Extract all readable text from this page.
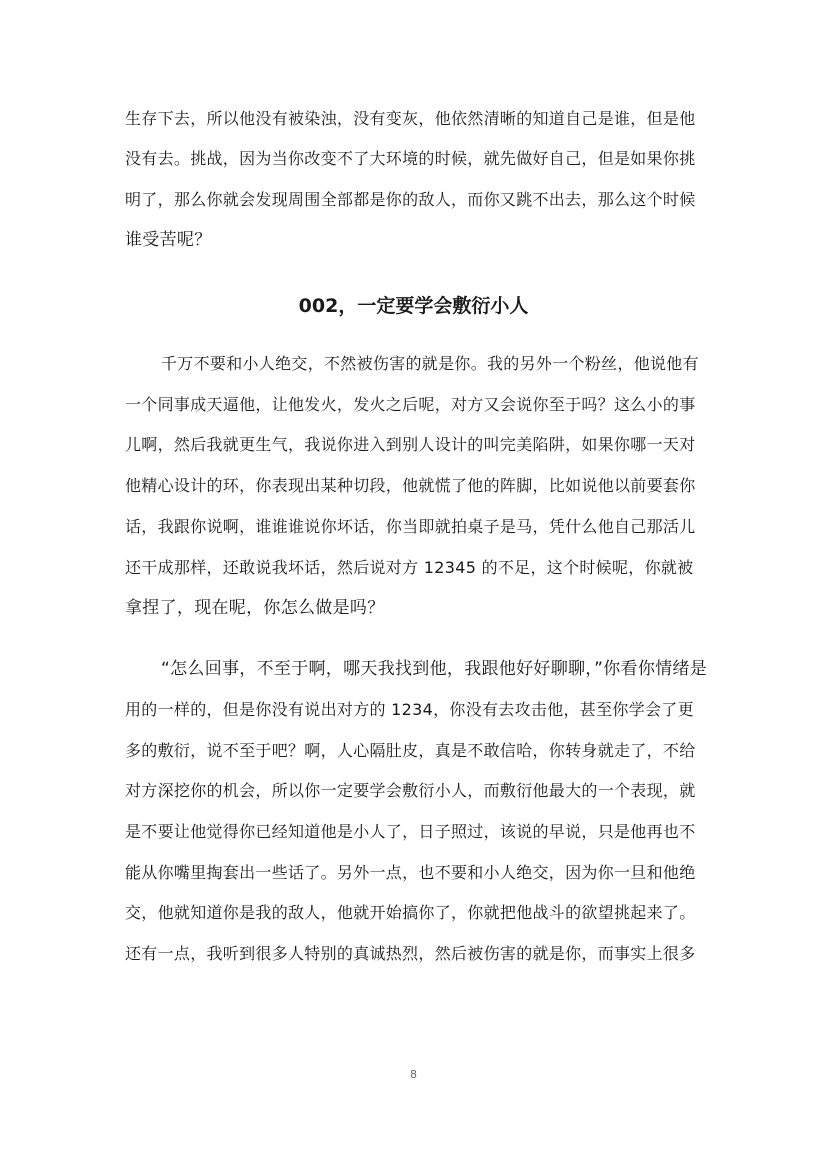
生存下去，所以他没有被染浊，没有变灰，他依然清晰的知道自己是谁，但是他
没有去。挑战，因为当你改变不了大环境的时候，就先做好自己，但是如果你挑
明了，那么你就会发现周围全部都是你的敌人，而你又跳不出去，那么这个时候
谁受苦呢？
002，一定要学会敷衍小人
千万不要和小人绝交，不然被伤害的就是你。我的另外一个粉丝，他说他有
一个同事成天逼他，让他发火，发火之后呢，对方又会说你至于吗？这么小的事
儿啊，然后我就更生气，我说你进入到别人设计的叫完美陷阱，如果你哪一天对
他精心设计的环，你表现出某种切段，他就慌了他的阵脚，比如说他以前要套你
话，我跟你说啊，谁谁谁说你坏话，你当即就拍桌子是马，凭什么他自己那活儿
还干成那样，还敢说我坏话，然后说对方 12345 的不足，这个时候呢，你就被
拿捏了，现在呢，你怎么做是吗？
“怎么回事，不至于啊，哪天我找到他，我跟他好好聊聊，”你看你情绪是
用的一样的，但是你没有说出对方的 1234，你没有去攻击他，甚至你学会了更
多的敷衍，说不至于吧？啊，人心隔肚皮，真是不敢信哈，你转身就走了，不给
对方深挖你的机会，所以你一定要学会敷衍小人，而敷衍他最大的一个表现，就
是不要让他觉得你已经知道他是小人了，日子照过，该说的早说，只是他再也不
能从你嘴里掏套出一些话了。另外一点，也不要和小人绝交，因为你一旦和他绝
交，他就知道你是我的敌人，他就开始搞你了，你就把他战斗的欲望挑起来了。
还有一点，我听到很多人特别的真诚热烈，然后被伤害的就是你，而事实上很多
8
